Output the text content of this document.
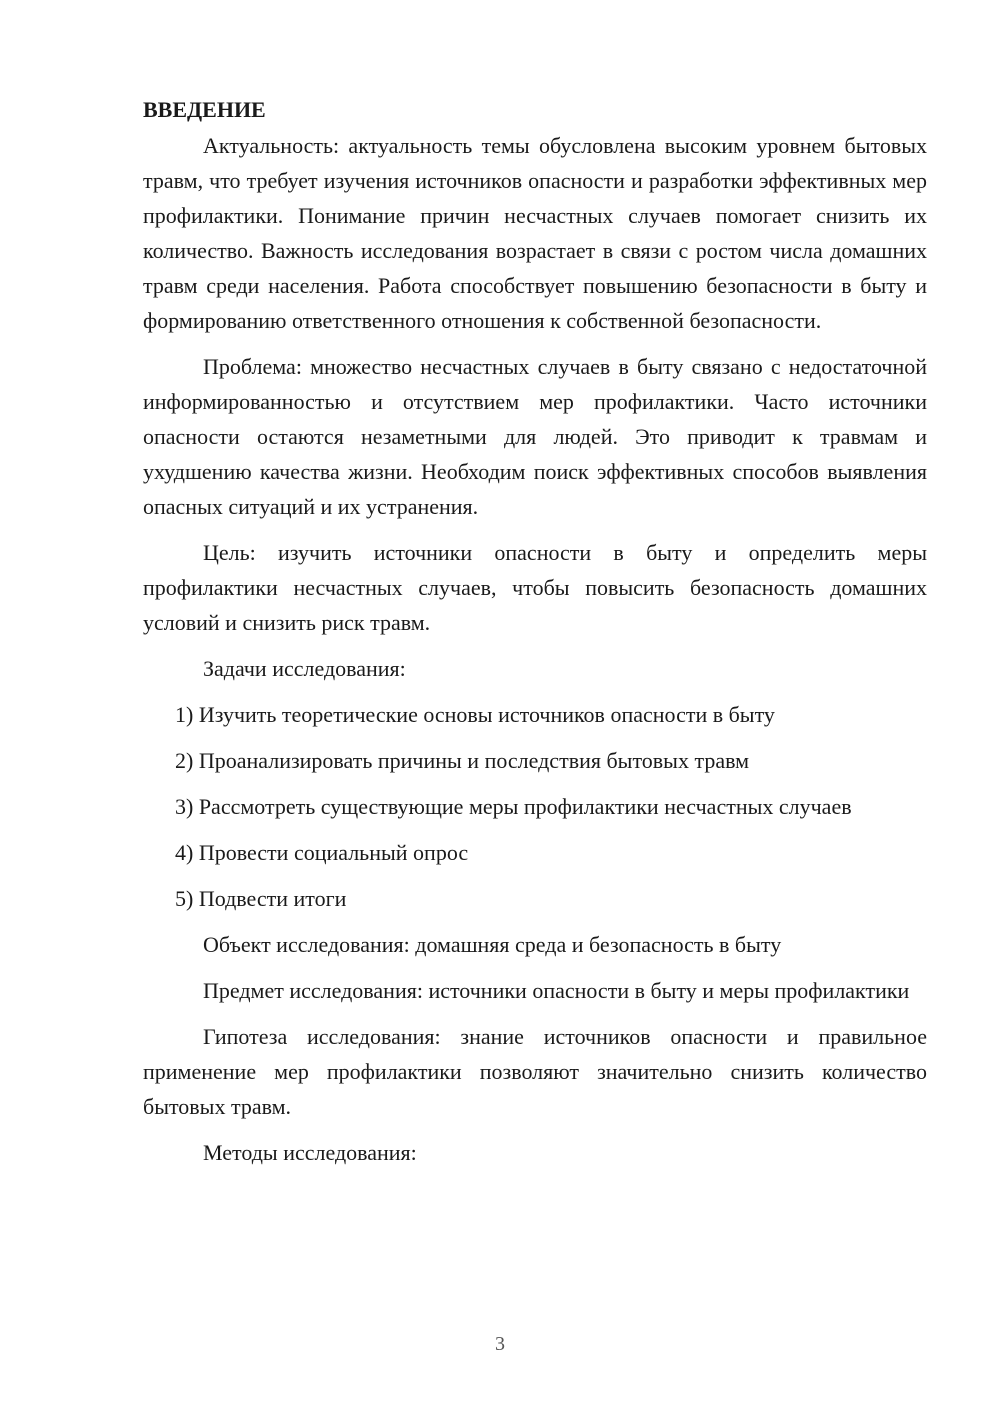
ВВЕДЕНИЕ

Актуальность: актуальность темы обусловлена высоким уровнем бытовых травм, что требует изучения источников опасности и разработки эффективных мер профилактики. Понимание причин несчастных случаев помогает снизить их количество. Важность исследования возрастает в связи с ростом числа домашних травм среди населения. Работа способствует повышению безопасности в быту и формированию ответственного отношения к собственной безопасности.

Проблема: множество несчастных случаев в быту связано с недостаточной информированностью и отсутствием мер профилактики. Часто источники опасности остаются незаметными для людей. Это приводит к травмам и ухудшению качества жизни. Необходим поиск эффективных способов выявления опасных ситуаций и их устранения.

Цель: изучить источники опасности в быту и определить меры профилактики несчастных случаев, чтобы повысить безопасность домашних условий и снизить риск травм.

Задачи исследования:

1) Изучить теоретические основы источников опасности в быту

2) Проанализировать причины и последствия бытовых травм

3) Рассмотреть существующие меры профилактики несчастных случаев

4) Провести социальный опрос

5) Подвести итоги

Объект исследования: домашняя среда и безопасность в быту

Предмет исследования: источники опасности в быту и меры профилактики

Гипотеза исследования: знание источников опасности и правильное применение мер профилактики позволяют значительно снизить количество бытовых травм.

Методы исследования:

3
